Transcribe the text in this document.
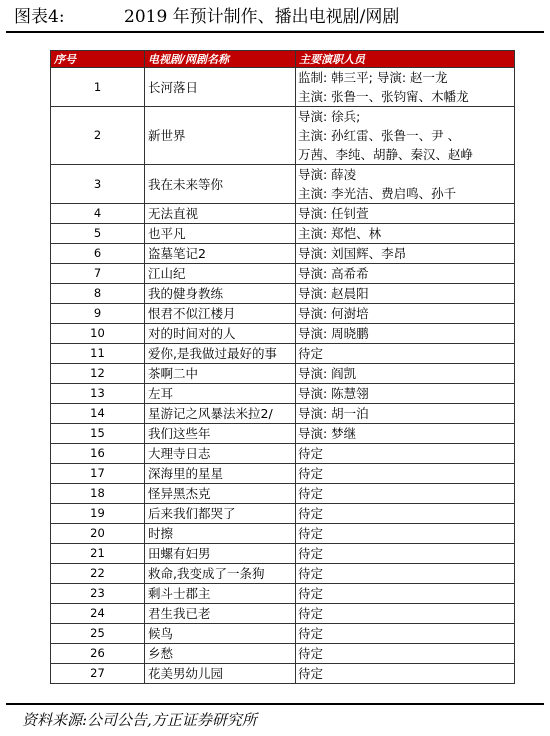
图表4:	2019 年预计制作、播出电视剧/网剧
序号	电视剧/网剧名称	主要演职人员
1	长河落日	监制: 韩三平; 导演: 赵一龙
主演: 张鲁一、张钧甯、木幡龙

2	新世界	导演: 徐兵;
主演: 孙红雷、张鲁一、尹 、
万茜、李纯、胡静、秦汉、赵峥

3	我在未来等你	导演: 薛凌
主演: 李光洁、费启鸣、孙千

4	无法直视	导演: 任钊萱

5	也平凡	主演: 郑恺、林

6	盗墓笔记2	导演: 刘国辉、李昂

7	江山纪	导演: 高希希

8	我的健身教练	导演: 赵晨阳

9	恨君不似江楼月	导演: 何澍培

10	对的时间对的人	导演: 周晓鹏

11	爱你,是我做过最好的事	待定

12	茶啊二中	导演: 阎凯

13	左耳	导演: 陈慧翎

14	星游记之风暴法米拉2/	导演: 胡一泊

15	我们这些年	导演: 梦继

16	大理寺日志	待定

17	深海里的星星	待定

18	怪异黑杰克	待定

19	后来我们都哭了	待定

20	时擦	待定

21	田螺有妇男	待定

22	救命,我变成了一条狗	待定

23	剩斗士郡主	待定

24	君生我已老	待定

25	候鸟	待定

26	乡愁	待定

27	花美男幼儿园	待定
资料来源:公司公告,方正证券研究所
